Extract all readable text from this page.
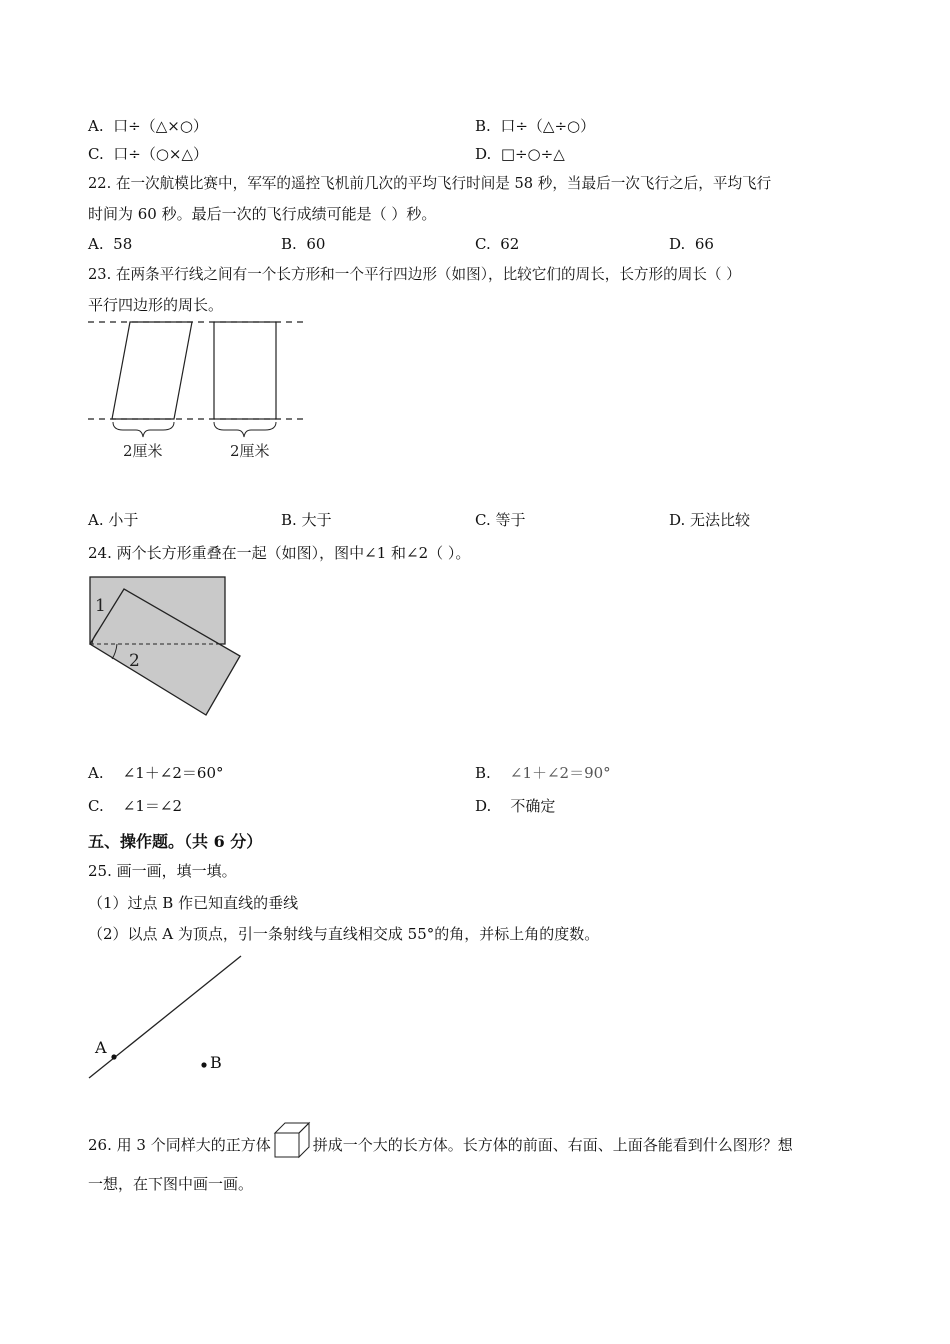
A. 口÷（△×○）	B. 口÷（△÷○）
C. 口÷（○×△）	D. □÷○÷△
22. 在一次航模比赛中，军军的遥控飞机前几次的平均飞行时间是 58 秒，当最后一次飞行之后，平均飞行
时间为 60 秒。最后一次的飞行成绩可能是（ ）秒。
A. 58	B. 60	C. 62	D. 66
23. 在两条平行线之间有一个长方形和一个平行四边形（如图），比较它们的周长，长方形的周长（ ）
平行四边形的周长。
2厘米	2厘米
A. 小于	B. 大于	C. 等于	D. 无法比较
24. 两个长方形重叠在一起（如图），图中∠1 和∠2（ ）。
1
2
A. ∠1＋∠2＝60°	B. ∠1＋∠2＝90°
C. ∠1＝∠2	D. 不确定
五、操作题。（共 6 分）
25. 画一画，填一填。
（1）过点 B 作已知直线的垂线
（2）以点 A 为顶点，引一条射线与直线相交成 55°的角，并标上角的度数。
A
B
26. 用 3 个同样大的正方体	拼成一个大的长方体。长方体的前面、右面、上面各能看到什么图形？想
一想，在下图中画一画。
